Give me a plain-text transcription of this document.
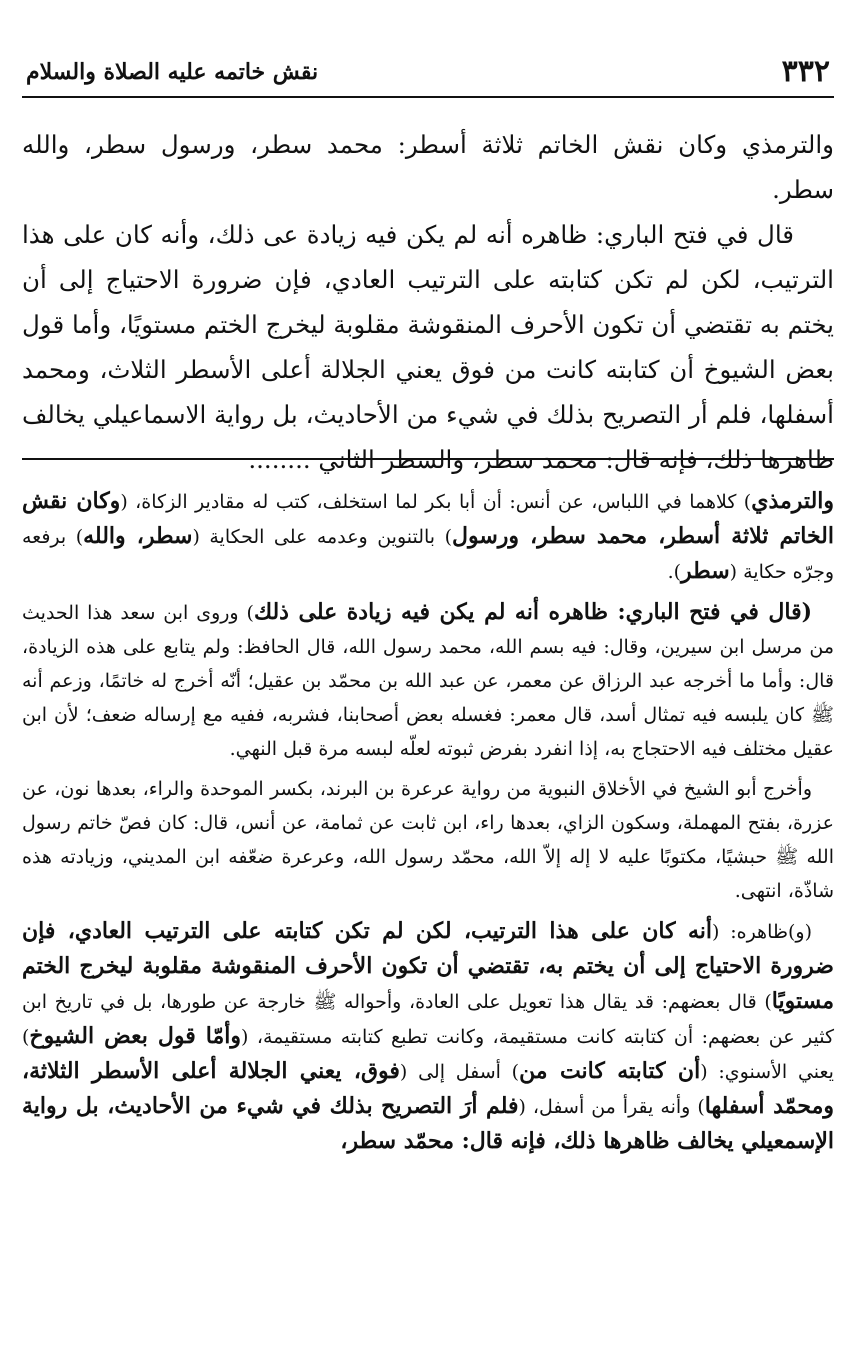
٣٣٢
نقش خاتمه عليه الصلاة والسلام

والترمذي وكان نقش الخاتم ثلاثة أسطر: محمد سطر، ورسول سطر، والله سطر.

قال في فتح الباري: ظاهره أنه لم يكن فيه زيادة عى ذلك، وأنه كان على هذا الترتيب، لكن لم تكن كتابته على الترتيب العادي، فإن ضرورة الاحتياج إلى أن يختم به تقتضي أن تكون الأحرف المنقوشة مقلوبة ليخرج الختم مستويًا، وأما قول بعض الشيوخ أن كتابته كانت من فوق يعني الجلالة أعلى الأسطر الثلاث، ومحمد أسفلها، فلم أر التصريح بذلك في شيء من الأحاديث، بل رواية الاسماعيلي يخالف ظاهرها ذلك، فإنه قال: محمد سطر، والسطر الثاني ........

والترمذي) كلاهما في اللباس، عن أنس: أن أبا بكر لما استخلف، كتب له مقادير الزكاة، (وكان نقش الخاتم ثلاثة أسطر، محمد سطر، ورسول) بالتنوين وعدمه على الحكاية (سطر، والله) برفعه وجرّه حكاية (سطر).

(قال في فتح الباري: ظاهره أنه لم يكن فيه زيادة على ذلك) وروى ابن سعد هذا الحديث من مرسل ابن سيرين، وقال: فيه بسم الله، محمد رسول الله، قال الحافظ: ولم يتابع على هذه الزيادة، قال: وأما ما أخرجه عبد الرزاق عن معمر، عن عبد الله بن محمّد بن عقيل؛ أنّه أخرج له خاتمًا، وزعم أنه ﷺ كان يلبسه فيه تمثال أسد، قال معمر: فغسله بعض أصحابنا، فشربه، ففيه مع إرساله ضعف؛ لأن ابن عقيل مختلف فيه الاحتجاج به، إذا انفرد بفرض ثبوته لعلّه لبسه مرة قبل النهي.

وأخرج أبو الشيخ في الأخلاق النبوية من رواية عرعرة بن البرند، بكسر الموحدة والراء، بعدها نون، عن عزرة، بفتح المهملة، وسكون الزاي، بعدها راء، ابن ثابت عن ثمامة، عن أنس، قال: كان فصّ خاتم رسول الله ﷺ حبشيًا، مكتوبًا عليه لا إله إلاّ الله، محمّد رسول الله، وعرعرة ضعّفه ابن المديني، وزيادته هذه شاذّة، انتهى.

(و)ظاهره: (أنه كان على هذا الترتيب، لكن لم تكن كتابته على الترتيب العادي، فإن ضرورة الاحتياج إلى أن يختم به، تقتضي أن تكون الأحرف المنقوشة مقلوبة ليخرج الختم مستويًا) قال بعضهم: قد يقال هذا تعويل على العادة، وأحواله ﷺ خارجة عن طورها، بل في تاريخ ابن كثير عن بعضهم: أن كتابته كانت مستقيمة، وكانت تطبع كتابته مستقيمة، (وأمّا قول بعض الشيوخ) يعني الأسنوي: (أن كتابته كانت من) أسفل إلى (فوق، يعني الجلالة أعلى الأسطر الثلاثة، ومحمّد أسفلها) وأنه يقرأ من أسفل، (فلم أرَ التصريح بذلك في شيء من الأحاديث، بل رواية الإسمعيلي يخالف ظاهرها ذلك، فإنه قال: محمّد سطر،
